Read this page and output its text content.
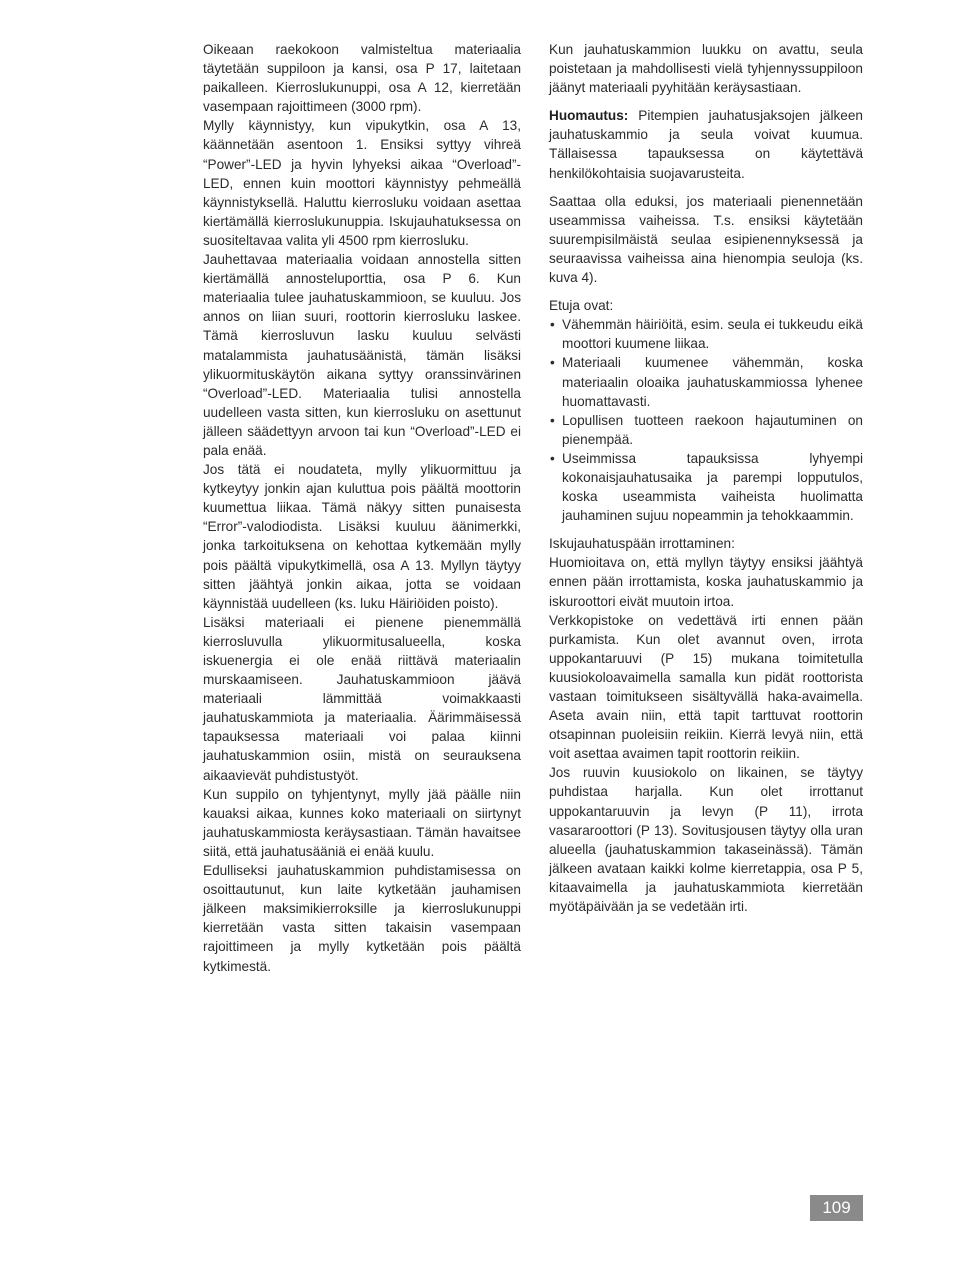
Oikeaan raekokoon valmisteltua materiaalia täytetään suppiloon ja kansi, osa P 17, laitetaan paikalleen. Kierroslukunuppi, osa A 12, kierretään vasempaan rajoittimeen (3000 rpm).

Mylly käynnistyy, kun vipukytkin, osa A 13, käännetään asentoon 1. Ensiksi syttyy vihreä “Power”-LED ja hyvin lyhyeksi aikaa “Overload”-LED, ennen kuin moottori käynnistyy pehmeällä käynnistyksellä. Haluttu kierrosluku voidaan asettaa kiertämällä kierroslukunuppia. Iskujauhatuksessa on suositeltavaa valita yli 4500 rpm kierrosluku.

Jauhettavaa materiaalia voidaan annostella sitten kiertämällä annosteluporttia, osa P 6. Kun materiaalia tulee jauhatuskammioon, se kuuluu. Jos annos on liian suuri, roottorin kierrosluku laskee. Tämä kierrosluvun lasku kuuluu selvästi matalammista jauhatusäänistä, tämän lisäksi ylikuormituskäytön aikana syttyy oranssinvärinen “Overload”-LED. Materiaalia tulisi annostella uudelleen vasta sitten, kun kierrosluku on asettunut jälleen säädettyyn arvoon tai kun “Overload”-LED ei pala enää.

Jos tätä ei noudateta, mylly ylikuormittuu ja kytkeytyy jonkin ajan kuluttua pois päältä moottorin kuumettua liikaa. Tämä näkyy sitten punaisesta “Error”-valodiodista. Lisäksi kuuluu äänimerkki, jonka tarkoituksena on kehottaa kytkemään mylly pois päältä vipukytkimellä, osa A 13. Myllyn täytyy sitten jäähtyä jonkin aikaa, jotta se voidaan käynnistää uudelleen (ks. luku Häiriöiden poisto).

Lisäksi materiaali ei pienene pienemmällä kierrosluvulla ylikuormitusalueella, koska iskuenergia ei ole enää riittävä materiaalin murskaamiseen. Jauhatuskammioon jäävä materiaali lämmittää voimakkaasti jauhatuskammiota ja materiaalia. Äärimmäisessä tapauksessa materiaali voi palaa kiinni jauhatuskammion osiin, mistä on seurauksena aikaavievät puhdistustyöt.

Kun suppilo on tyhjentynyt, mylly jää päälle niin kauaksi aikaa, kunnes koko materiaali on siirtynyt jauhatuskammiosta keräysastiaan. Tämän havaitsee siitä, että jauhatusääniä ei enää kuulu.

Edulliseksi jauhatuskammion puhdistamisessa on osoittautunut, kun laite kytketään jauhamisen jälkeen maksimikierroksille ja kierroslukunuppi kierretään vasta sitten takaisin vasempaan rajoittimeen ja mylly kytketään pois päältä kytkimestä.

Kun jauhatuskammion luukku on avattu, seula poistetaan ja mahdollisesti vielä tyhjennyssuppiloon jäänyt materiaali pyyhitään keräysastiaan.

Huomautus: Pitempien jauhatusjaksojen jälkeen jauhatuskammio ja seula voivat kuumua. Tällaisessa tapauksessa on käytettävä henkilökohtaisia suojavarusteita.

Saattaa olla eduksi, jos materiaali pienennetään useammissa vaiheissa. T.s. ensiksi käytetään suurempisilmäistä seulaa esipienennyksessä ja seuraavissa vaiheissa aina hienompia seuloja (ks. kuva 4).

Etuja ovat:

• Vähemmän häiriöitä, esim. seula ei tukkeudu eikä moottori kuumene liikaa.
• Materiaali kuumenee vähemmän, koska materiaalin oloaika jauhatuskammiossa lyhenee huomattavasti.
• Lopullisen tuotteen raekoon hajautuminen on pienempää.
• Useimmissa tapauksissa lyhyempi kokonaisjauhatusaika ja parempi lopputulos, koska useammista vaiheista huolimatta jauhaminen sujuu nopeammin ja tehokkaammin.

Iskujauhatuspään irrottaminen:

Huomioitava on, että myllyn täytyy ensiksi jäähtyä ennen pään irrottamista, koska jauhatuskammio ja iskuroottori eivät muutoin irtoa.

Verkkopistoke on vedettävä irti ennen pään purkamista. Kun olet avannut oven, irrota uppokantaruuvi (P 15) mukana toimitetulla kuusiokoloavaimella samalla kun pidät roottorista vastaan toimitukseen sisältyvällä haka-avaimella. Aseta avain niin, että tapit tarttuvat roottorin otsapinnan puoleisiin reikiin. Kierrä levyä niin, että voit asettaa avaimen tapit roottorin reikiin.

Jos ruuvin kuusiokolo on likainen, se täytyy puhdistaa harjalla. Kun olet irrottanut uppokantaruuvin ja levyn (P 11), irrota vasararoottori (P 13). Sovitusjousen täytyy olla uran alueella (jauhatuskammion takaseinässä). Tämän jälkeen avataan kaikki kolme kierretappia, osa P 5, kitaavaimella ja jauhatuskammiota kierretään myötäpäivään ja se vedetään irti.

109
